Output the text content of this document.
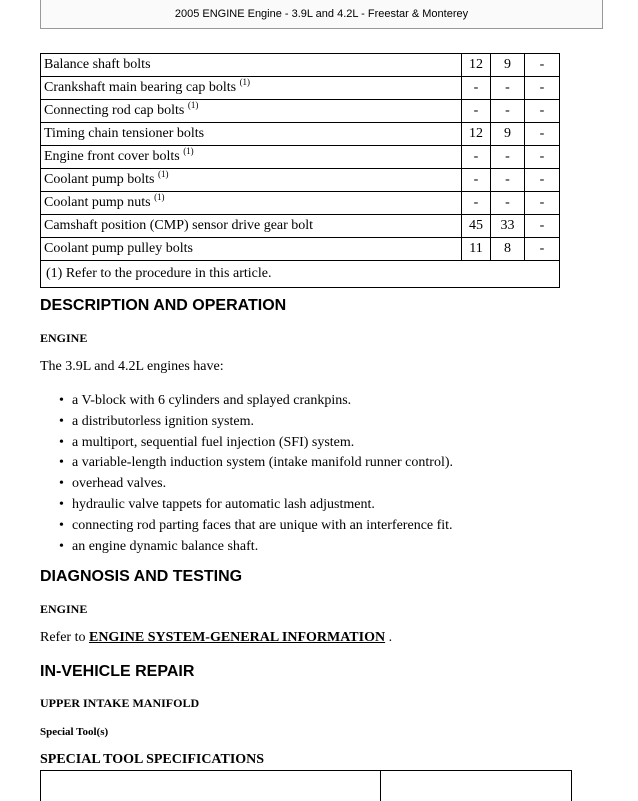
2005 ENGINE Engine - 3.9L and 4.2L - Freestar & Monterey
Balance shaft bolts	12	9	-
Crankshaft main bearing cap bolts $^{(1)}$	-	-	-
Connecting rod cap bolts $^{(1)}$	-	-	-
Timing chain tensioner bolts	12	9	-
Engine front cover bolts $^{(1)}$	-	-	-
Coolant pump bolts $^{(1)}$	-	-	-
Coolant pump nuts $^{(1)}$	-	-	-
Camshaft position (CMP) sensor drive gear bolt	45	33	-
Coolant pump pulley bolts	11	8	-
(1) Refer to the procedure in this article.			
DESCRIPTION AND OPERATION
ENGINE
The 3.9L and 4.2L engines have:
• a V-block with 6 cylinders and splayed crankpins.
• a distributorless ignition system.
• a multiport, sequential fuel injection (SFI) system.
• a variable-length induction system (intake manifold runner control).
• overhead valves.
• hydraulic valve tappets for automatic lash adjustment.
• connecting rod parting faces that are unique with an interference fit.
• an engine dynamic balance shaft.
DIAGNOSIS AND TESTING
ENGINE
Refer to ENGINE SYSTEM-GENERAL INFORMATION .
IN-VEHICLE REPAIR
UPPER INTAKE MANIFOLD
Special Tool(s)
SPECIAL TOOL SPECIFICATIONS
